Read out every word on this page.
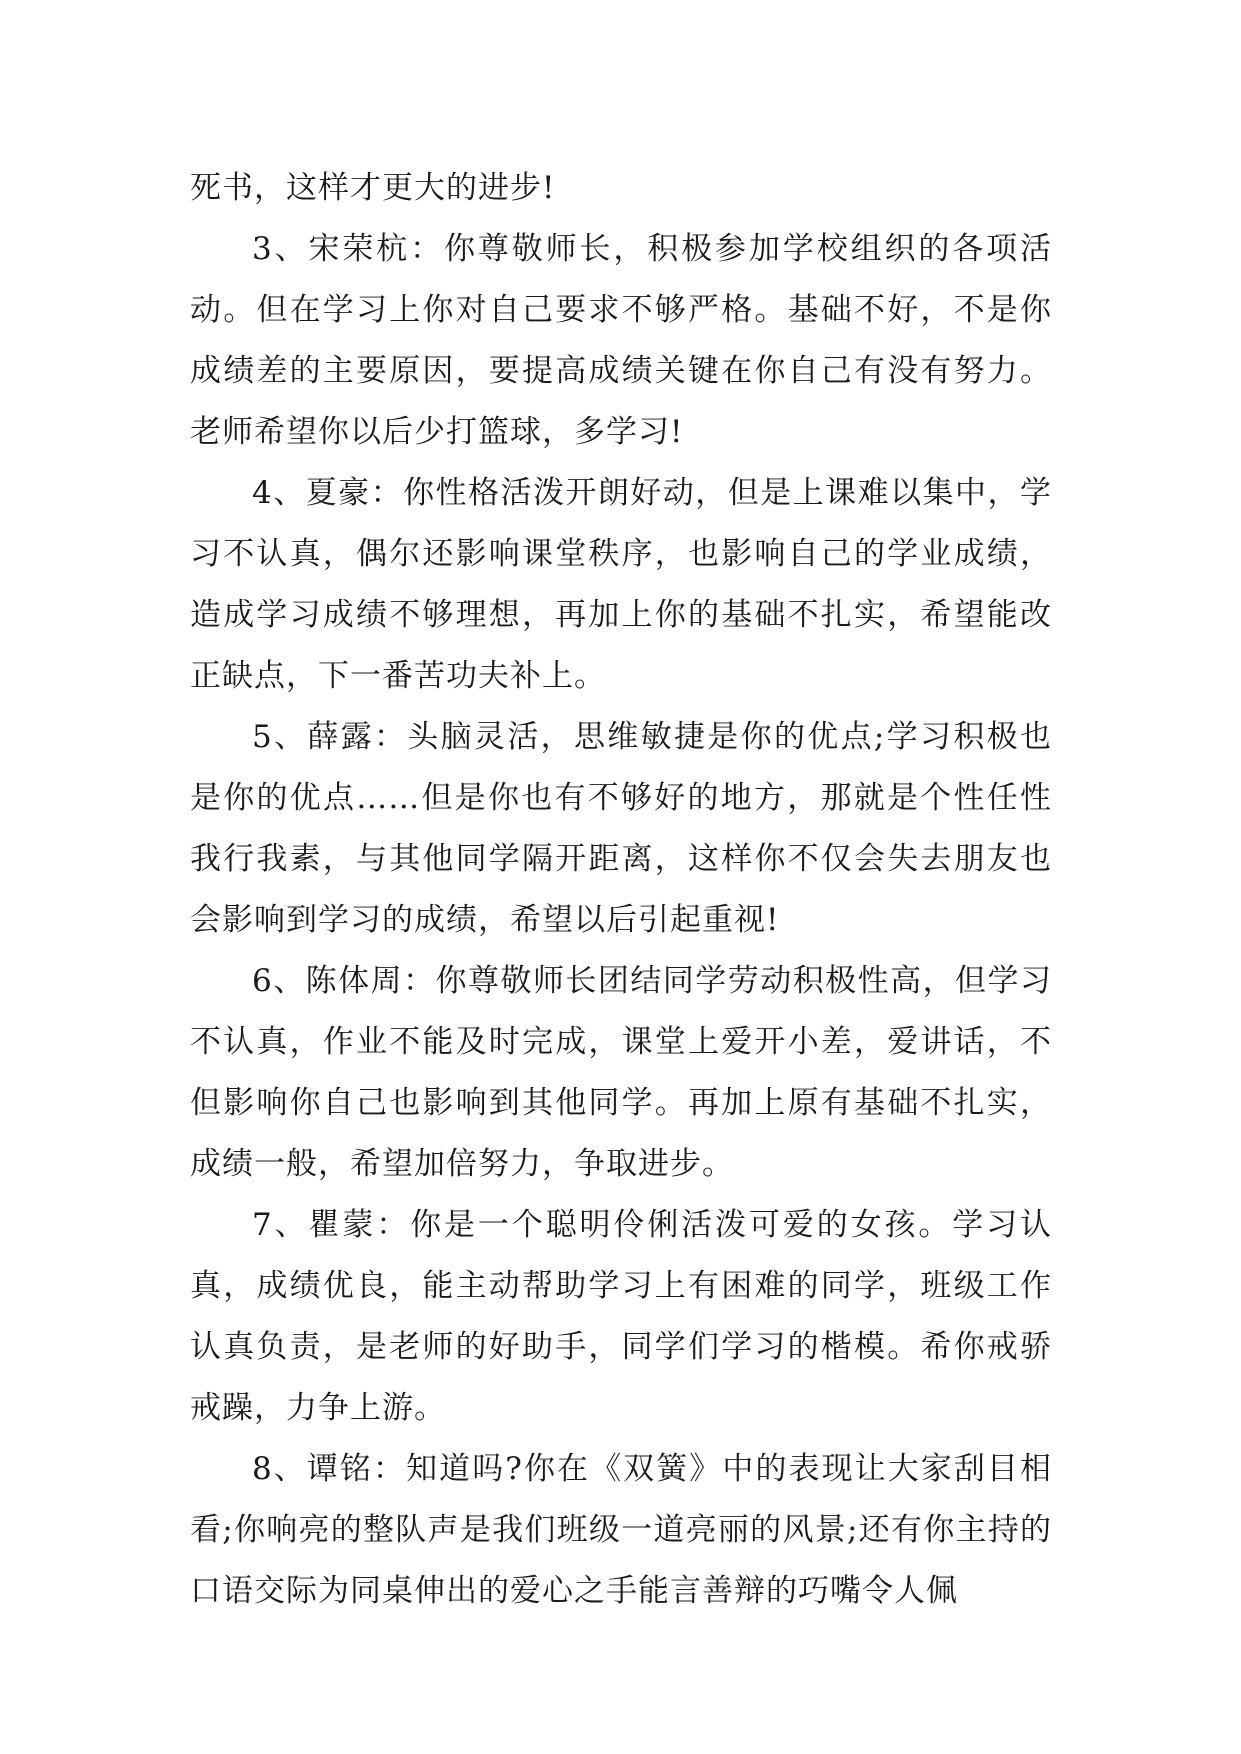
死书，这样才更大的进步!

3、宋荣杭：你尊敬师长，积极参加学校组织的各项活动。但在学习上你对自己要求不够严格。基础不好，不是你成绩差的主要原因，要提高成绩关键在你自己有没有努力。老师希望你以后少打篮球，多学习!

4、夏豪：你性格活泼开朗好动，但是上课难以集中，学习不认真，偶尔还影响课堂秩序，也影响自己的学业成绩，造成学习成绩不够理想，再加上你的基础不扎实，希望能改正缺点，下一番苦功夫补上。

5、薛露：头脑灵活，思维敏捷是你的优点;学习积极也是你的优点……但是你也有不够好的地方，那就是个性任性我行我素，与其他同学隔开距离，这样你不仅会失去朋友也会影响到学习的成绩，希望以后引起重视!

6、陈体周：你尊敬师长团结同学劳动积极性高，但学习不认真，作业不能及时完成，课堂上爱开小差，爱讲话，不但影响你自己也影响到其他同学。再加上原有基础不扎实，成绩一般，希望加倍努力，争取进步。

7、瞿蒙：你是一个聪明伶俐活泼可爱的女孩。学习认真，成绩优良，能主动帮助学习上有困难的同学，班级工作认真负责，是老师的好助手，同学们学习的楷模。希你戒骄戒躁，力争上游。

8、谭铭：知道吗?你在《双簧》中的表现让大家刮目相看;你响亮的整队声是我们班级一道亮丽的风景;还有你主持的口语交际为同桌伸出的爱心之手能言善辩的巧嘴令人佩
